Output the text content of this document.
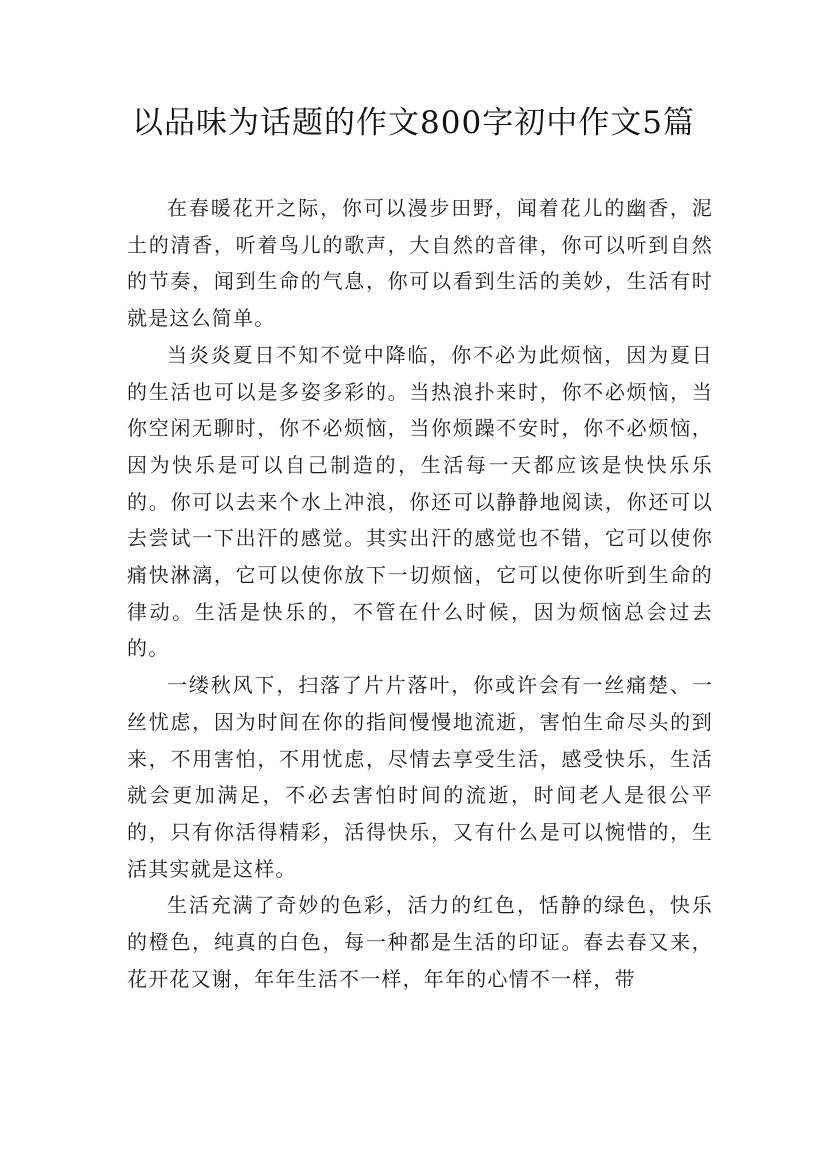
以品味为话题的作文800字初中作文5篇

在春暖花开之际，你可以漫步田野，闻着花儿的幽香，泥土的清香，听着鸟儿的歌声，大自然的音律，你可以听到自然的节奏，闻到生命的气息，你可以看到生活的美妙，生活有时就是这么简单。

当炎炎夏日不知不觉中降临，你不必为此烦恼，因为夏日的生活也可以是多姿多彩的。当热浪扑来时，你不必烦恼，当你空闲无聊时，你不必烦恼，当你烦躁不安时，你不必烦恼，因为快乐是可以自己制造的，生活每一天都应该是快快乐乐的。你可以去来个水上冲浪，你还可以静静地阅读，你还可以去尝试一下出汗的感觉。其实出汗的感觉也不错，它可以使你痛快淋漓，它可以使你放下一切烦恼，它可以使你听到生命的律动。生活是快乐的，不管在什么时候，因为烦恼总会过去的。

一缕秋风下，扫落了片片落叶，你或许会有一丝痛楚、一丝忧虑，因为时间在你的指间慢慢地流逝，害怕生命尽头的到来，不用害怕，不用忧虑，尽情去享受生活，感受快乐，生活就会更加满足，不必去害怕时间的流逝，时间老人是很公平的，只有你活得精彩，活得快乐，又有什么是可以惋惜的，生活其实就是这样。

生活充满了奇妙的色彩，活力的红色，恬静的绿色，快乐的橙色，纯真的白色，每一种都是生活的印证。春去春又来，花开花又谢，年年生活不一样，年年的心情不一样，带
